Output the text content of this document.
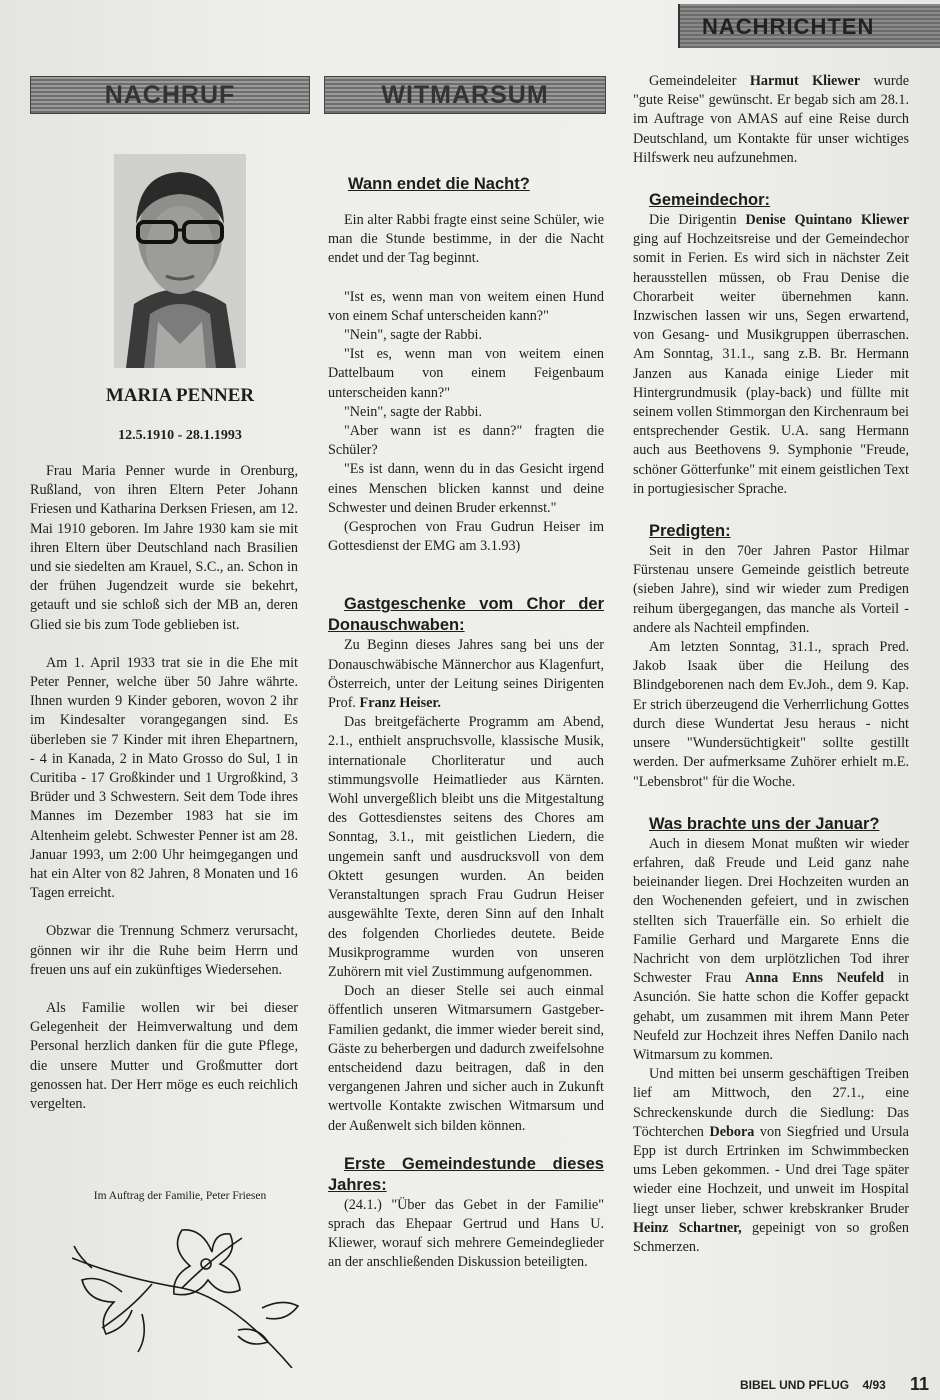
NACHRICHTEN
NACHRUF
MARIA PENNER
12.5.1910 - 28.1.1993

Frau Maria Penner wurde in Orenburg, Rußland, von ihren Eltern Peter Johann Friesen und Katharina Derksen Friesen, am 12. Mai 1910 geboren. Im Jahre 1930 kam sie mit ihren Eltern über Deutschland nach Brasilien und sie siedelten am Krauel, S.C., an. Schon in der frühen Jugendzeit wurde sie bekehrt, getauft und sie schloß sich der MB an, deren Glied sie bis zum Tode geblieben ist.

Am 1. April 1933 trat sie in die Ehe mit Peter Penner, welche über 50 Jahre währte. Ihnen wurden 9 Kinder geboren, wovon 2 ihr im Kindesalter vorangegangen sind. Es überleben sie 7 Kinder mit ihren Ehepartnern, - 4 in Kanada, 2 in Mato Grosso do Sul, 1 in Curitiba - 17 Großkinder und 1 Urgroßkind, 3 Brüder und 3 Schwestern. Seit dem Tode ihres Mannes im Dezember 1983 hat sie im Altenheim gelebt. Schwester Penner ist am 28. Januar 1993, um 2:00 Uhr heimgegangen und hat ein Alter von 82 Jahren, 8 Monaten und 16 Tagen erreicht.

Obzwar die Trennung Schmerz verursacht, gönnen wir ihr die Ruhe beim Herrn und freuen uns auf ein zukünftiges Wiedersehen.

Als Familie wollen wir bei dieser Gelegenheit der Heimverwaltung und dem Personal herzlich danken für die gute Pflege, die unsere Mutter und Großmutter dort genossen hat. Der Herr möge es euch reichlich vergelten.

Im Auftrag der Familie, Peter Friesen
WITMARSUM

Wann endet die Nacht?

Ein alter Rabbi fragte einst seine Schüler, wie man die Stunde bestimme, in der die Nacht endet und der Tag beginnt.

"Ist es, wenn man von weitem einen Hund von einem Schaf unterscheiden kann?"

"Nein", sagte der Rabbi.

"Ist es, wenn man von weitem einen Dattelbaum von einem Feigenbaum unterscheiden kann?"

"Nein", sagte der Rabbi.

"Aber wann ist es dann?" fragten die Schüler?

"Es ist dann, wenn du in das Gesicht irgend eines Menschen blicken kannst und deine Schwester und deinen Bruder erkennst."

(Gesprochen von Frau Gudrun Heiser im Gottesdienst der EMG am 3.1.93)

Gastgeschenke vom Chor der Donauschwaben:

Zu Beginn dieses Jahres sang bei uns der Donauschwäbische Männerchor aus Klagenfurt, Österreich, unter der Leitung seines Dirigenten Prof. Franz Heiser.

Das breitgefächerte Programm am Abend, 2.1., enthielt anspruchsvolle, klassische Musik, internationale Chorliteratur und auch stimmungsvolle Heimatlieder aus Kärnten. Wohl unvergeßlich bleibt uns die Mitgestaltung des Gottesdienstes seitens des Chores am Sonntag, 3.1., mit geistlichen Liedern, die ungemein sanft und ausdrucksvoll von dem Oktett gesungen wurden. An beiden Veranstaltungen sprach Frau Gudrun Heiser ausgewählte Texte, deren Sinn auf den Inhalt des folgenden Chorliedes deutete. Beide Musikprogramme wurden von unseren Zuhörern mit viel Zustimmung aufgenommen.

Doch an dieser Stelle sei auch einmal öffentlich unseren Witmarsumern Gastgeber-Familien gedankt, die immer wieder bereit sind, Gäste zu beherbergen und dadurch zweifelsohne entscheidend dazu beitragen, daß in den vergangenen Jahren und sicher auch in Zukunft wertvolle Kontakte zwischen Witmarsum und der Außenwelt sich bilden können.

Erste Gemeindestunde dieses Jahres:

(24.1.) "Über das Gebet in der Familie" sprach das Ehepaar Gertrud und Hans U. Kliewer, worauf sich mehrere Gemeindeglieder an der anschließenden Diskussion beteiligten.

Gemeindeleiter Harmut Kliewer wurde "gute Reise" gewünscht. Er begab sich am 28.1. im Auftrage von AMAS auf eine Reise durch Deutschland, um Kontakte für unser wichtiges Hilfswerk neu aufzunehmen.

Gemeindechor:

Die Dirigentin Denise Quintano Kliewer ging auf Hochzeitsreise und der Gemeindechor somit in Ferien. Es wird sich in nächster Zeit herausstellen müssen, ob Frau Denise die Chorarbeit weiter übernehmen kann. Inzwischen lassen wir uns, Segen erwartend, von Gesang- und Musikgruppen überraschen. Am Sonntag, 31.1., sang z.B. Br. Hermann Janzen aus Kanada einige Lieder mit Hintergrundmusik (play-back) und füllte mit seinem vollen Stimmorgan den Kirchenraum bei entsprechender Gestik. U.A. sang Hermann auch aus Beethovens 9. Symphonie "Freude, schöner Götterfunke" mit einem geistlichen Text in portugiesischer Sprache.

Predigten:

Seit in den 70er Jahren Pastor Hilmar Fürstenau unsere Gemeinde geistlich betreute (sieben Jahre), sind wir wieder zum Predigen reihum übergegangen, das manche als Vorteil - andere als Nachteil empfinden.

Am letzten Sonntag, 31.1., sprach Pred. Jakob Isaak über die Heilung des Blindgeborenen nach dem Ev.Joh., dem 9. Kap. Er strich überzeugend die Verherrlichung Gottes durch diese Wundertat Jesu heraus - nicht unsere "Wundersüchtigkeit" sollte gestillt werden. Der aufmerksame Zuhörer erhielt m.E. "Lebensbrot" für die Woche.

Was brachte uns der Januar?

Auch in diesem Monat mußten wir wieder erfahren, daß Freude und Leid ganz nahe beieinander liegen. Drei Hochzeiten wurden an den Wochenenden gefeiert, und in zwischen stellten sich Trauerfälle ein. So erhielt die Familie Gerhard und Margarete Enns die Nachricht von dem urplötzlichen Tod ihrer Schwester Frau Anna Enns Neufeld in Asunción. Sie hatte schon die Koffer gepackt gehabt, um zusammen mit ihrem Mann Peter Neufeld zur Hochzeit ihres Neffen Danilo nach Witmarsum zu kommen.

Und mitten bei unserm geschäftigen Treiben lief am Mittwoch, den 27.1., eine Schreckenskunde durch die Siedlung: Das Töchterchen Debora von Siegfried und Ursula Epp ist durch Ertrinken im Schwimmbecken ums Leben gekommen. - Und drei Tage später wieder eine Hochzeit, und unweit im Hospital liegt unser lieber, schwer krebskranker Bruder Heinz Schartner, gepeinigt von so großen Schmerzen.

BIBEL UND PFLUG 4/93 11
